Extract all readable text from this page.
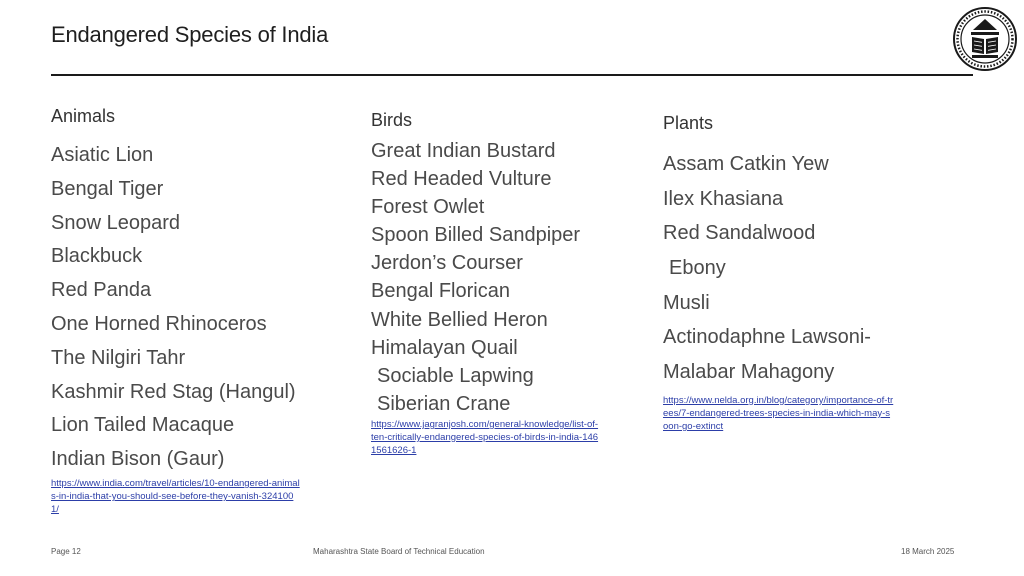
Endangered Species of India
Animals
Asiatic Lion
Bengal Tiger
Snow Leopard
Blackbuck
Red Panda
One Horned Rhinoceros
The Nilgiri Tahr
Kashmir Red Stag (Hangul)
Lion Tailed Macaque
Indian Bison (Gaur)
https://www.india.com/travel/articles/10-endangered-animals-in-india-that-you-should-see-before-they-vanish-3241001/
Birds
Great Indian Bustard
Red Headed Vulture
Forest Owlet
Spoon Billed Sandpiper
Jerdon’s Courser
Bengal Florican
White Bellied Heron
Himalayan Quail
Sociable Lapwing
Siberian Crane
https://www.jagranjosh.com/general-knowledge/list-of-ten-critically-endangered-species-of-birds-in-india-1461561626-1
Plants
Assam Catkin Yew
Ilex Khasiana
Red Sandalwood
Ebony
Musli
Actinodaphne Lawsoni-
Malabar Mahagony
https://www.nelda.org.in/blog/category/importance-of-trees/7-endangered-trees-species-in-india-which-may-soon-go-extinct
Page 12	Maharashtra State Board of Technical Education	18 March 2025
